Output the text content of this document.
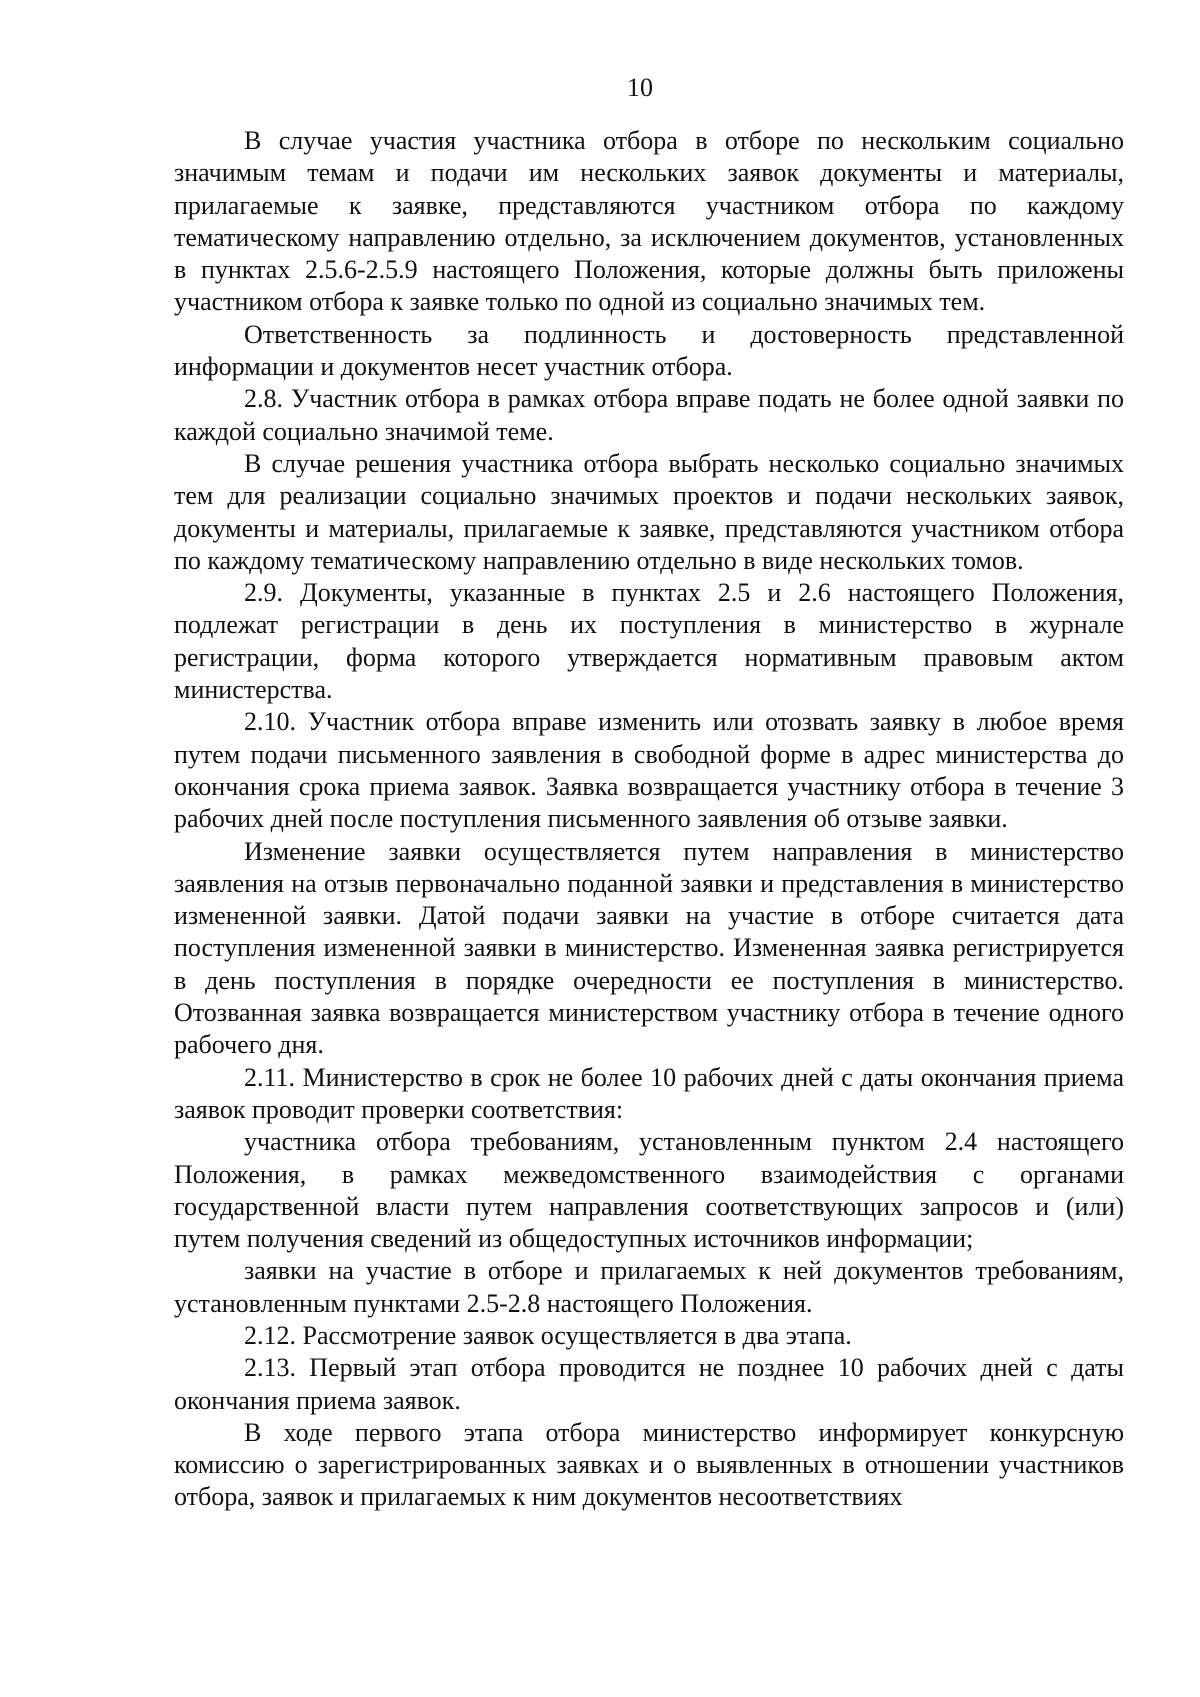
10

В случае участия участника отбора в отборе по нескольким социально значимым темам и подачи им нескольких заявок документы и материалы, прилагаемые к заявке, представляются участником отбора по каждому тематическому направлению отдельно, за исключением документов, установленных в пунктах 2.5.6-2.5.9 настоящего Положения, которые должны быть приложены участником отбора к заявке только по одной из социально значимых тем.

Ответственность за подлинность и достоверность представленной информации и документов несет участник отбора.

2.8. Участник отбора в рамках отбора вправе подать не более одной заявки по каждой социально значимой теме.

В случае решения участника отбора выбрать несколько социально значимых тем для реализации социально значимых проектов и подачи нескольких заявок, документы и материалы, прилагаемые к заявке, представляются участником отбора по каждому тематическому направлению отдельно в виде нескольких томов.

2.9. Документы, указанные в пунктах 2.5 и 2.6 настоящего Положения, подлежат регистрации в день их поступления в министерство в журнале регистрации, форма которого утверждается нормативным правовым актом министерства.

2.10. Участник отбора вправе изменить или отозвать заявку в любое время путем подачи письменного заявления в свободной форме в адрес министерства до окончания срока приема заявок. Заявка возвращается участнику отбора в течение 3 рабочих дней после поступления письменного заявления об отзыве заявки.

Изменение заявки осуществляется путем направления в министерство заявления на отзыв первоначально поданной заявки и представления в министерство измененной заявки. Датой подачи заявки на участие в отборе считается дата поступления измененной заявки в министерство. Измененная заявка регистрируется в день поступления в порядке очередности ее поступления в министерство. Отозванная заявка возвращается министерством участнику отбора в течение одного рабочего дня.

2.11. Министерство в срок не более 10 рабочих дней с даты окончания приема заявок проводит проверки соответствия:

участника отбора требованиям, установленным пунктом 2.4 настоящего Положения, в рамках межведомственного взаимодействия с органами государственной власти путем направления соответствующих запросов и (или) путем получения сведений из общедоступных источников информации;

заявки на участие в отборе и прилагаемых к ней документов требованиям, установленным пунктами 2.5-2.8 настоящего Положения.

2.12. Рассмотрение заявок осуществляется в два этапа.

2.13. Первый этап отбора проводится не позднее 10 рабочих дней с даты окончания приема заявок.

В ходе первого этапа отбора министерство информирует конкурсную комиссию о зарегистрированных заявках и о выявленных в отношении участников отбора, заявок и прилагаемых к ним документов несоответствиях
